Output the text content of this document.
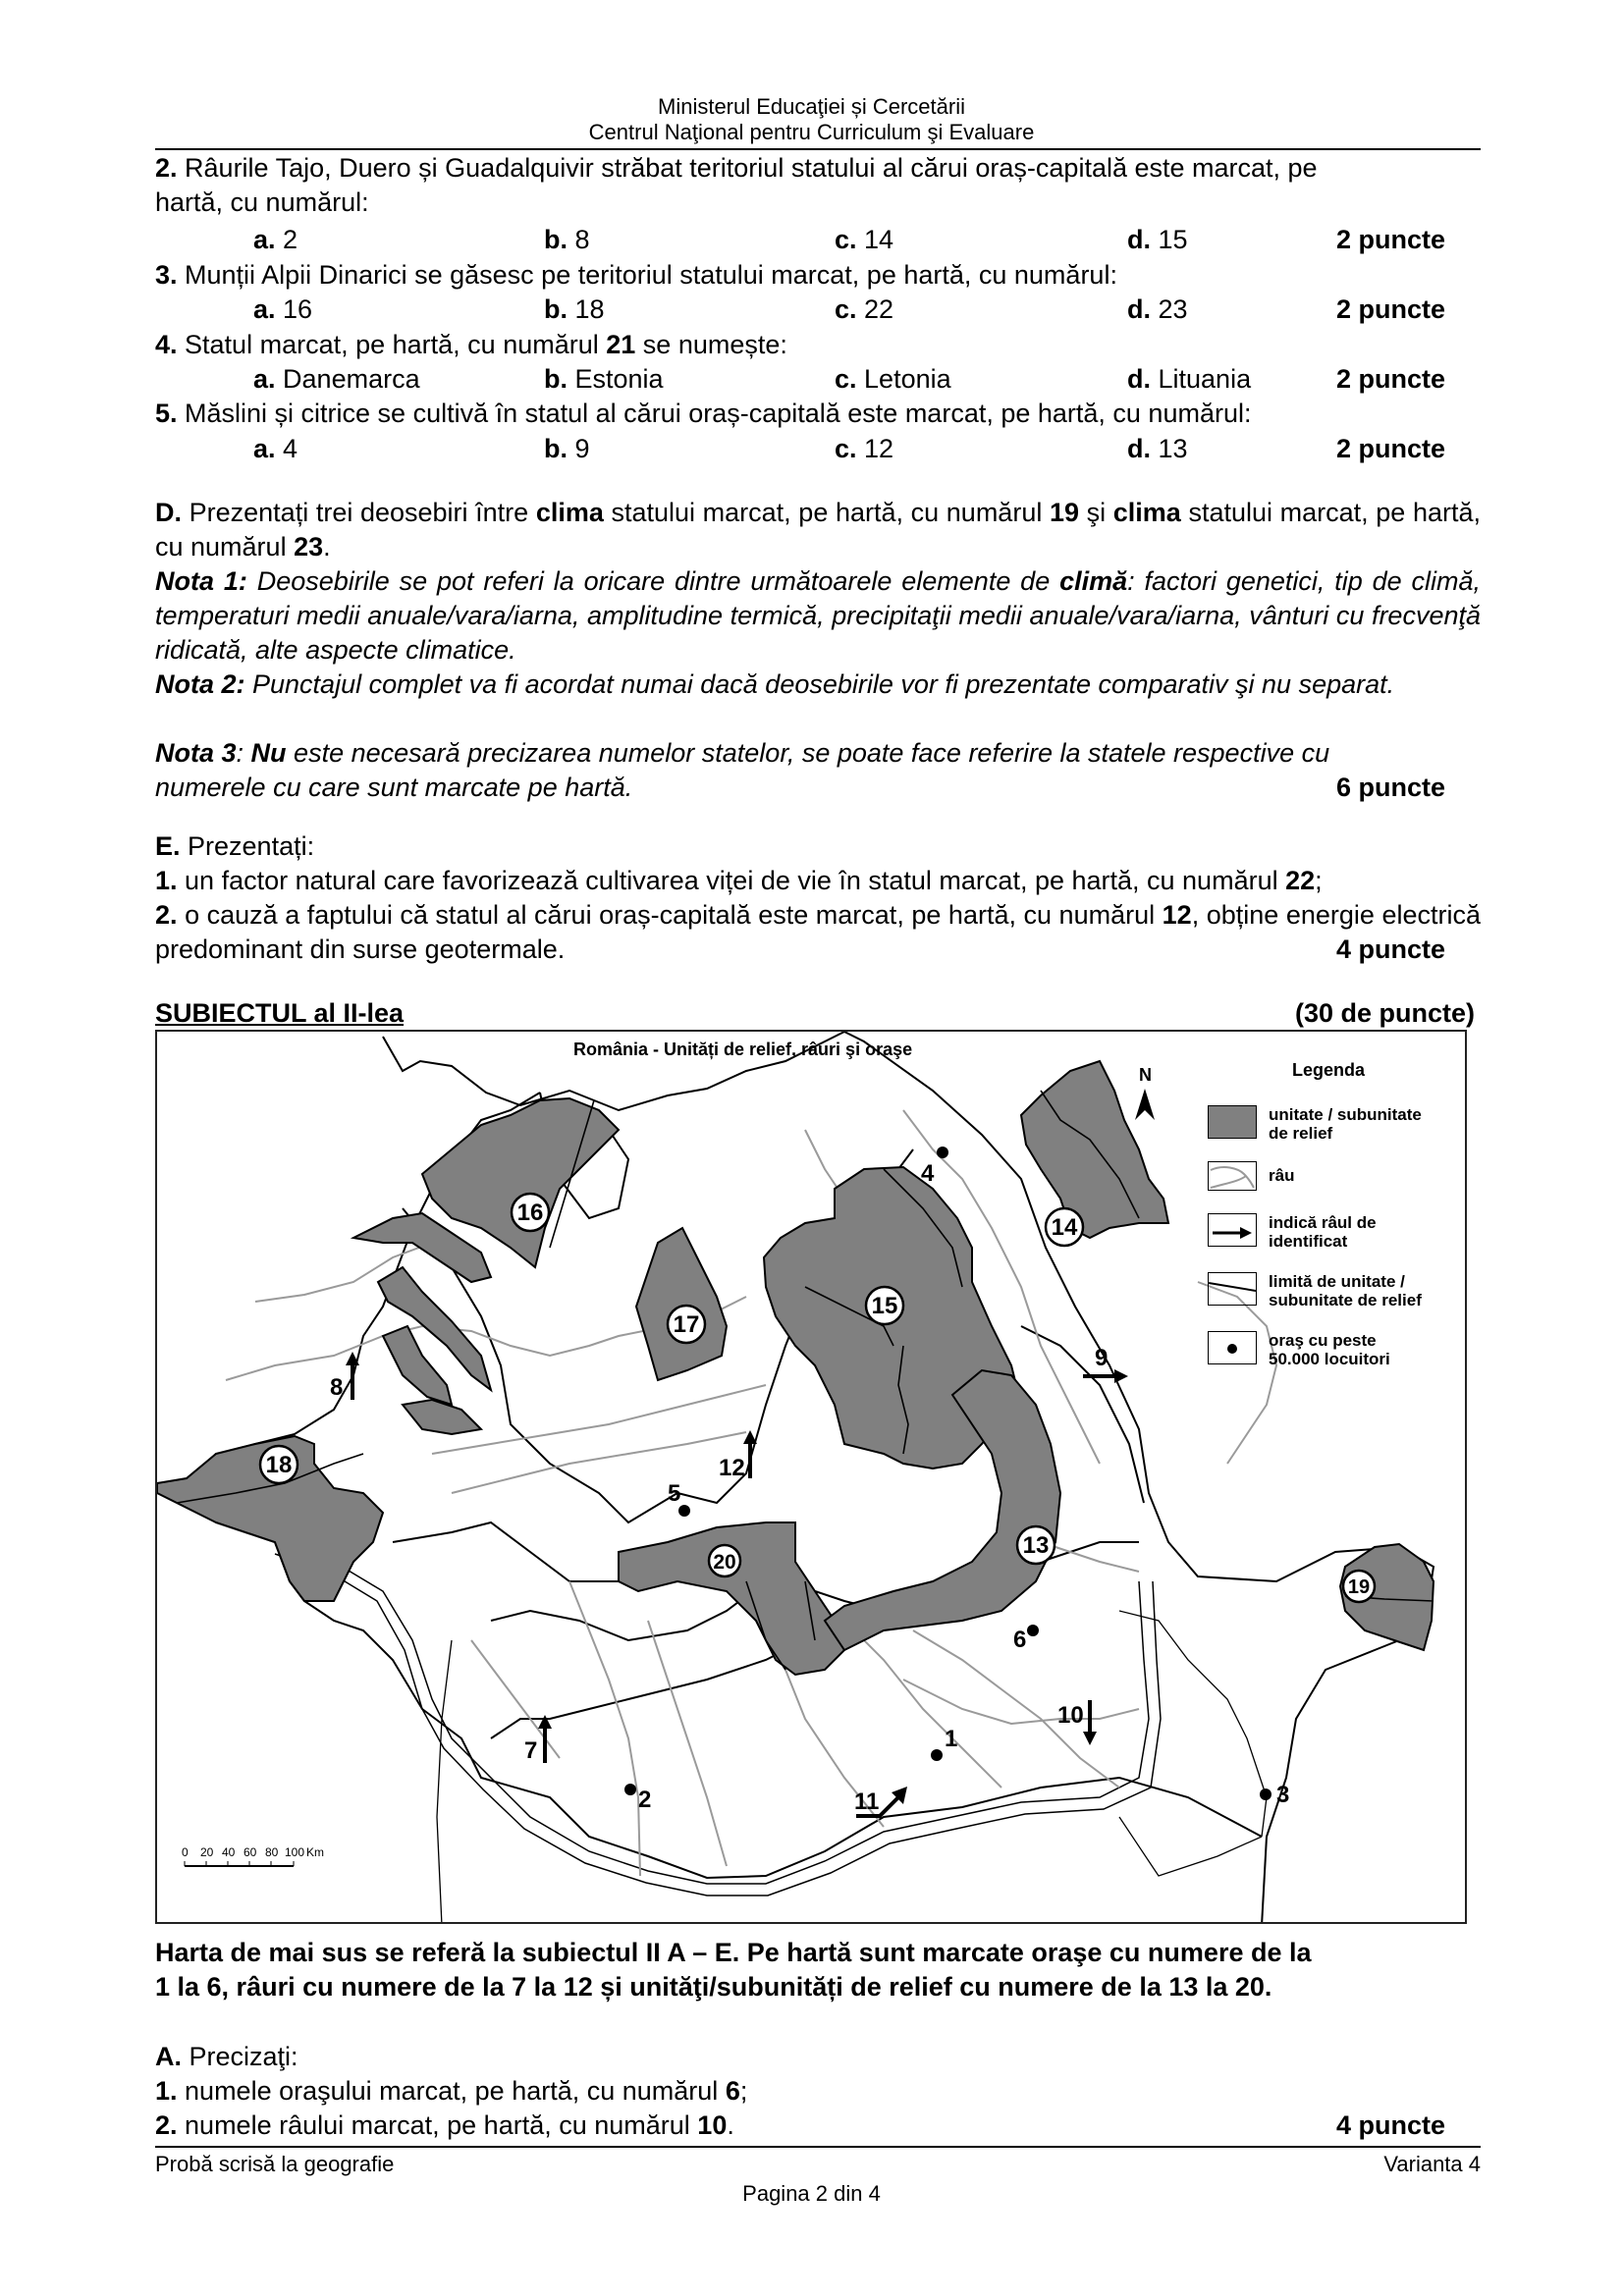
Ministerul Educaţiei și Cercetării
Centrul Naţional pentru Curriculum şi Evaluare
2. Râurile Tajo, Duero și Guadalquivir străbat teritoriul statului al cărui oraș-capitală este marcat, pe
hartă, cu numărul:
a. 2	b. 8	c. 14	d. 15	2 puncte
3. Munții Alpii Dinarici se găsesc pe teritoriul statului marcat, pe hartă, cu numărul:
a. 16	b. 18	c. 22	d. 23	2 puncte
4. Statul marcat, pe hartă, cu numărul 21 se numește:
a. Danemarca	b. Estonia	c. Letonia	d. Lituania	2 puncte
5. Măslini și citrice se cultivă în statul al cărui oraș-capitală este marcat, pe hartă, cu numărul:
a. 4	b. 9	c. 12	d. 13	2 puncte
D. Prezentați trei deosebiri între clima statului marcat, pe hartă, cu numărul 19 şi clima statului marcat, pe hartă, cu numărul 23.
Nota 1: Deosebirile se pot referi la oricare dintre următoarele elemente de climă: factori genetici, tip de climă, temperaturi medii anuale/vara/iarna, amplitudine termică, precipitaţii medii anuale/vara/iarna, vânturi cu frecvenţă ridicată, alte aspecte climatice.
Nota 2: Punctajul complet va fi acordat numai dacă deosebirile vor fi prezentate comparativ şi nu separat.
Nota 3: Nu este necesară precizarea numelor statelor, se poate face referire la statele respective cu numerele cu care sunt marcate pe hartă.	6 puncte
E. Prezentați:
1. un factor natural care favorizează cultivarea viței de vie în statul marcat, pe hartă, cu numărul 22;
2. o cauză a faptului că statul al cărui oraș-capitală este marcat, pe hartă, cu numărul 12, obține energie electrică predominant din surse geotermale.	4 puncte
SUBIECTUL al II-lea	(30 de puncte)
16
17
15
14
18
20
13
19
4
5
6
1
2	3
8
12
7
10
9
11
N
0 20 40 60 80 100 Km
România - Unități de relief, râuri şi oraşe
Legenda
unitate / subunitate de relief
râu
indică râul de identificat
limită de unitate / subunitate de relief
oraş cu peste 50.000 locuitori
Harta de mai sus se referă la subiectul II A – E. Pe hartă sunt marcate oraşe cu numere de la
1 la 6, râuri cu numere de la 7 la 12 și unităţi/subunități de relief cu numere de la 13 la 20.
A. Precizaţi:
1. numele oraşului marcat, pe hartă, cu numărul 6;
2. numele râului marcat, pe hartă, cu numărul 10.	4 puncte
Probă scrisă la geografie	Varianta 4
Pagina 2 din 4
